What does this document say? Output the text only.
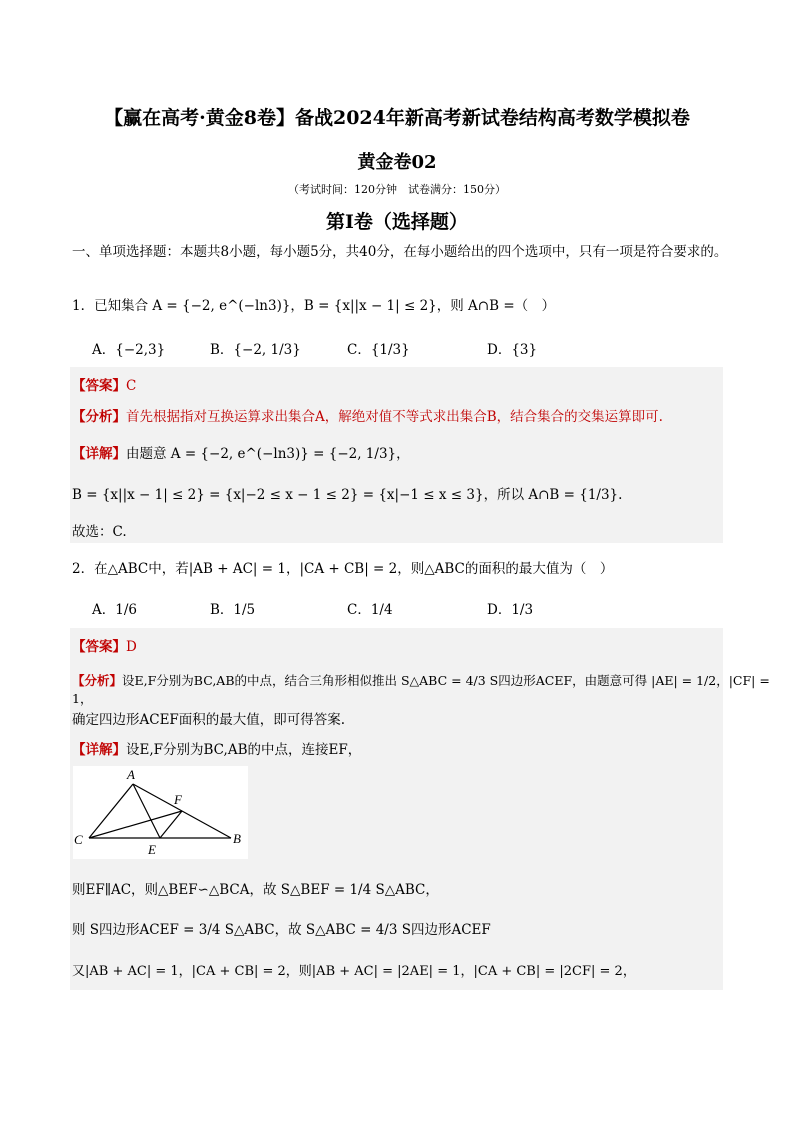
【赢在高考·黄金8卷】备战2024年新高考新试卷结构高考数学模拟卷
黄金卷02
（考试时间：120分钟　试卷满分：150分）
第I卷（选择题）
一、单项选择题：本题共8小题，每小题5分，共40分，在每小题给出的四个选项中，只有一项是符合要求的。
1．已知集合 A = {−2, e^(−ln3)}，B = {x||x − 1| ≤ 2}，则 A∩B =（　）
A．{−2,3}	B．{−2, 1/3}	C．{1/3}	D．{3}
【答案】C
【分析】首先根据指对互换运算求出集合A，解绝对值不等式求出集合B，结合集合的交集运算即可.
【详解】由题意 A = {−2, e^(−ln3)} = {−2, 1/3}，
B = {x||x − 1| ≤ 2} = {x|−2 ≤ x − 1 ≤ 2} = {x|−1 ≤ x ≤ 3}，所以 A∩B = {1/3}.
故选：C.
2．在△ABC中，若|AB + AC| = 1，|CA + CB| = 2，则△ABC的面积的最大值为（　）
A．1/6	B．1/5	C．1/4	D．1/3
【答案】D
【分析】设E,F分别为BC,AB的中点，结合三角形相似推出 S△ABC = 4/3 S四边形ACEF，由题意可得 |AE| = 1/2，|CF| = 1，
确定四边形ACEF面积的最大值，即可得答案.
【详解】设E,F分别为BC,AB的中点，连接EF，
A
F
C
E
B
则EF∥AC，则△BEF∽△BCA，故 S△BEF = 1/4 S△ABC，
则 S四边形ACEF = 3/4 S△ABC，故 S△ABC = 4/3 S四边形ACEF
又|AB + AC| = 1，|CA + CB| = 2，则|AB + AC| = |2AE| = 1，|CA + CB| = |2CF| = 2，
